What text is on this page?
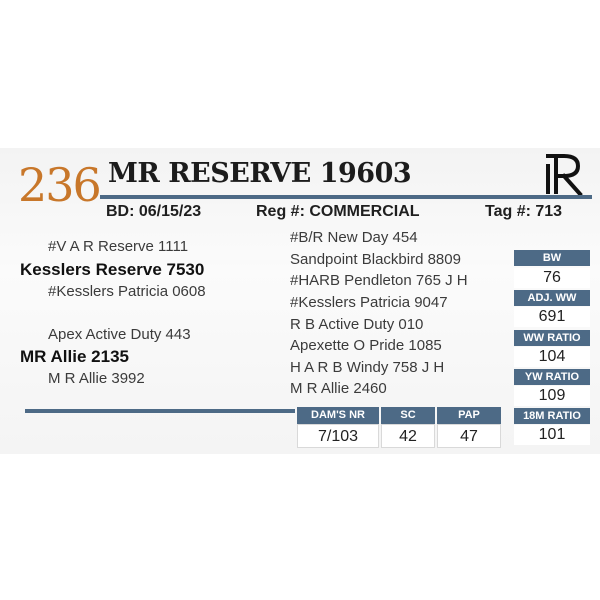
236 MR RESERVE 19603
BD: 06/15/23	Reg #: COMMERCIAL	Tag #: 713
#V A R Reserve 1111
Kesslers Reserve 7530
#Kesslers Patricia 0608
Apex Active Duty 443
MR Allie 2135
M R Allie 3992
#B/R New Day 454
Sandpoint Blackbird 8809
#HARB Pendleton 765 J H
#Kesslers Patricia 9047
R B Active Duty 010
Apexette O Pride 1085
H A R B Windy 758 J H
M R Allie 2460
BW
76
ADJ. WW
691
WW RATIO
104
YW RATIO
109
18M RATIO
101
DAM'S NR
7/103
SC
42
PAP
47
